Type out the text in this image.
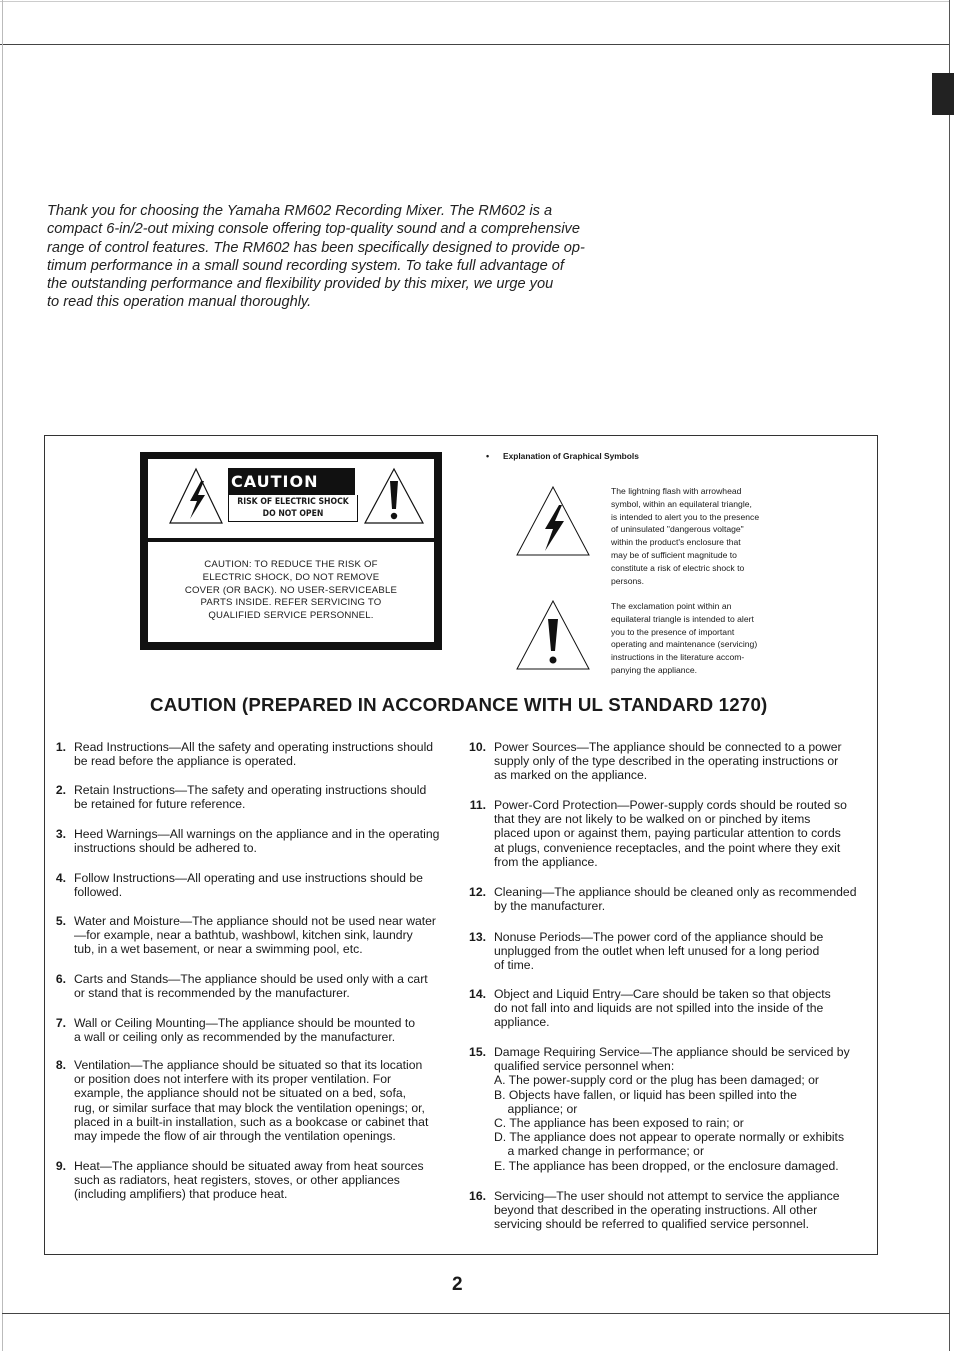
Thank you for choosing the Yamaha RM602 Recording Mixer. The RM602 is a
compact 6-in/2-out mixing console offering top-quality sound and a comprehensive
range of control features. The RM602 has been specifically designed to provide op-
timum performance in a small sound recording system. To take full advantage of
the outstanding performance and flexibility provided by this mixer, we urge you
to read this operation manual thoroughly.
CAUTION
RISK OF ELECTRIC SHOCK
DO NOT OPEN
CAUTION: TO REDUCE THE RISK OF
ELECTRIC SHOCK, DO NOT REMOVE
COVER (OR BACK). NO USER-SERVICEABLE
PARTS INSIDE. REFER SERVICING TO
QUALIFIED SERVICE PERSONNEL.
• Explanation of Graphical Symbols
The lightning flash with arrowhead
symbol, within an equilateral triangle,
is intended to alert you to the presence
of uninsulated "dangerous voltage"
within the product's enclosure that
may be of sufficient magnitude to
constitute a risk of electric shock to
persons.
The exclamation point within an
equilateral triangle is intended to alert
you to the presence of important
operating and maintenance (servicing)
instructions in the literature accom-
panying the appliance.
CAUTION (PREPARED IN ACCORDANCE WITH UL STANDARD 1270)
1. Read Instructions—All the safety and operating instructions should
be read before the appliance is operated.
2. Retain Instructions—The safety and operating instructions should
be retained for future reference.
3. Heed Warnings—All warnings on the appliance and in the operating
instructions should be adhered to.
4. Follow Instructions—All operating and use instructions should be
followed.
5. Water and Moisture—The appliance should not be used near water
—for example, near a bathtub, washbowl, kitchen sink, laundry
tub, in a wet basement, or near a swimming pool, etc.
6. Carts and Stands—The appliance should be used only with a cart
or stand that is recommended by the manufacturer.
7. Wall or Ceiling Mounting—The appliance should be mounted to
a wall or ceiling only as recommended by the manufacturer.
8. Ventilation—The appliance should be situated so that its location
or position does not interfere with its proper ventilation. For
example, the appliance should not be situated on a bed, sofa,
rug, or similar surface that may block the ventilation openings; or,
placed in a built-in installation, such as a bookcase or cabinet that
may impede the flow of air through the ventilation openings.
9. Heat—The appliance should be situated away from heat sources
such as radiators, heat registers, stoves, or other appliances
(including amplifiers) that produce heat.
10. Power Sources—The appliance should be connected to a power
supply only of the type described in the operating instructions or
as marked on the appliance.
11. Power-Cord Protection—Power-supply cords should be routed so
that they are not likely to be walked on or pinched by items
placed upon or against them, paying particular attention to cords
at plugs, convenience receptacles, and the point where they exit
from the appliance.
12. Cleaning—The appliance should be cleaned only as recommended
by the manufacturer.
13. Nonuse Periods—The power cord of the appliance should be
unplugged from the outlet when left unused for a long period
of time.
14. Object and Liquid Entry—Care should be taken so that objects
do not fall into and liquids are not spilled into the inside of the
appliance.
15. Damage Requiring Service—The appliance should be serviced by
qualified service personnel when:
A. The power-supply cord or the plug has been damaged; or
B. Objects have fallen, or liquid has been spilled into the
appliance; or
C. The appliance has been exposed to rain; or
D. The appliance does not appear to operate normally or exhibits
a marked change in performance; or
E. The appliance has been dropped, or the enclosure damaged.
16. Servicing—The user should not attempt to service the appliance
beyond that described in the operating instructions. All other
servicing should be referred to qualified service personnel.
2
